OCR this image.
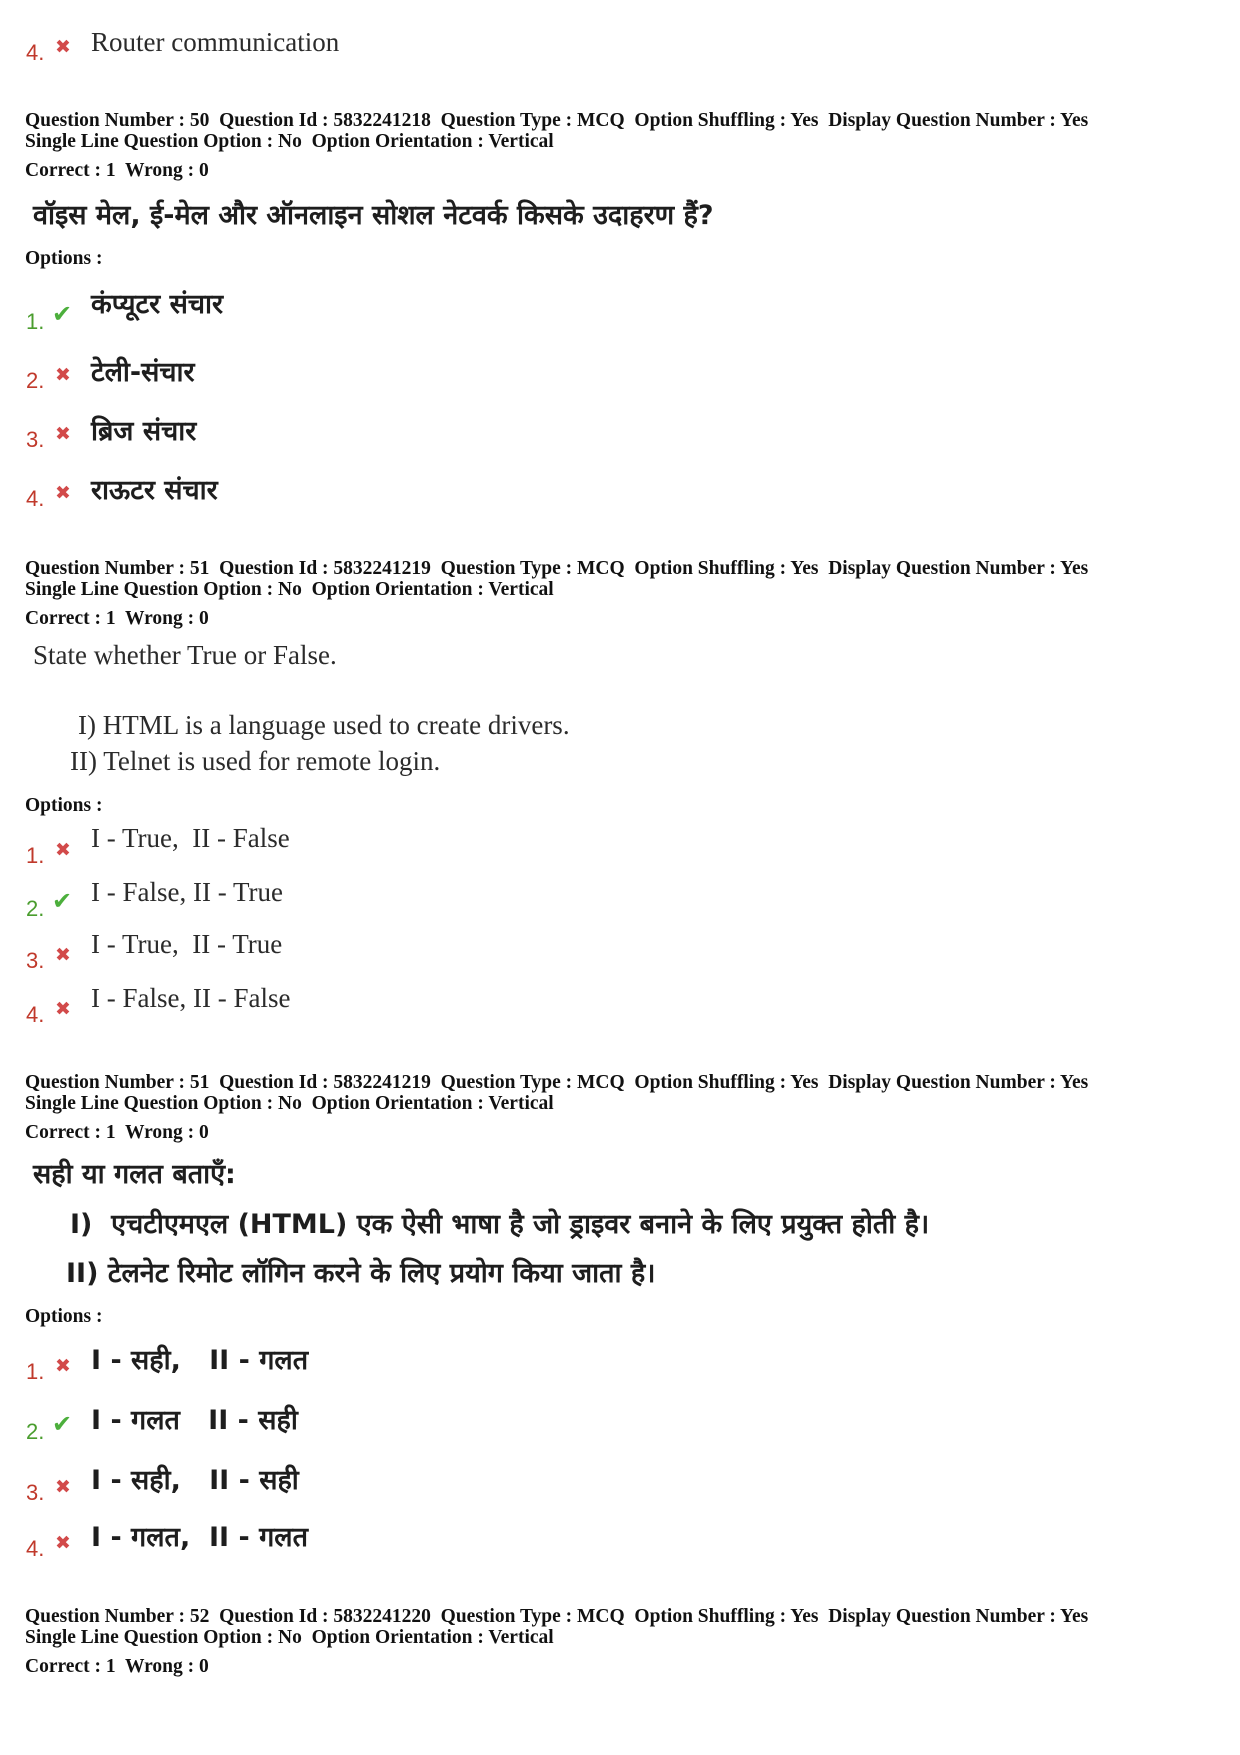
4. ✖ Router communication
Question Number : 50  Question Id : 5832241218  Question Type : MCQ  Option Shuffling : Yes  Display Question Number : Yes
Single Line Question Option : No  Option Orientation : Vertical
Correct : 1  Wrong : 0
वॉइस मेल, ई-मेल और ऑनलाइन सोशल नेटवर्क किसके उदाहरण हैं?
Options :
1. ✔ कंप्यूटर संचार
2. ✖ टेली-संचार
3. ✖ ब्रिज संचार
4. ✖ राऊटर संचार
Question Number : 51  Question Id : 5832241219  Question Type : MCQ  Option Shuffling : Yes  Display Question Number : Yes
Single Line Question Option : No  Option Orientation : Vertical
Correct : 1  Wrong : 0
State whether True or False.
I) HTML is a language used to create drivers.
II) Telnet is used for remote login.
Options :
1. ✖ I - True,  II - False
2. ✔ I - False, II - True
3. ✖ I - True,  II - True
4. ✖ I - False, II - False
Question Number : 51  Question Id : 5832241219  Question Type : MCQ  Option Shuffling : Yes  Display Question Number : Yes
Single Line Question Option : No  Option Orientation : Vertical
Correct : 1  Wrong : 0
सही या गलत बताएँ:
I)  एचटीएमएल (HTML) एक ऐसी भाषा है जो ड्राइवर बनाने के लिए प्रयुक्त होती है।
II) टेलनेट रिमोट लॉगिन करने के लिए प्रयोग किया जाता है।
Options :
1. ✖ I - सही,   II - गलत
2. ✔ I - गलत   II - सही
3. ✖ I - सही,   II - सही
4. ✖ I - गलत,  II - गलत
Question Number : 52  Question Id : 5832241220  Question Type : MCQ  Option Shuffling : Yes  Display Question Number : Yes
Single Line Question Option : No  Option Orientation : Vertical
Correct : 1  Wrong : 0
